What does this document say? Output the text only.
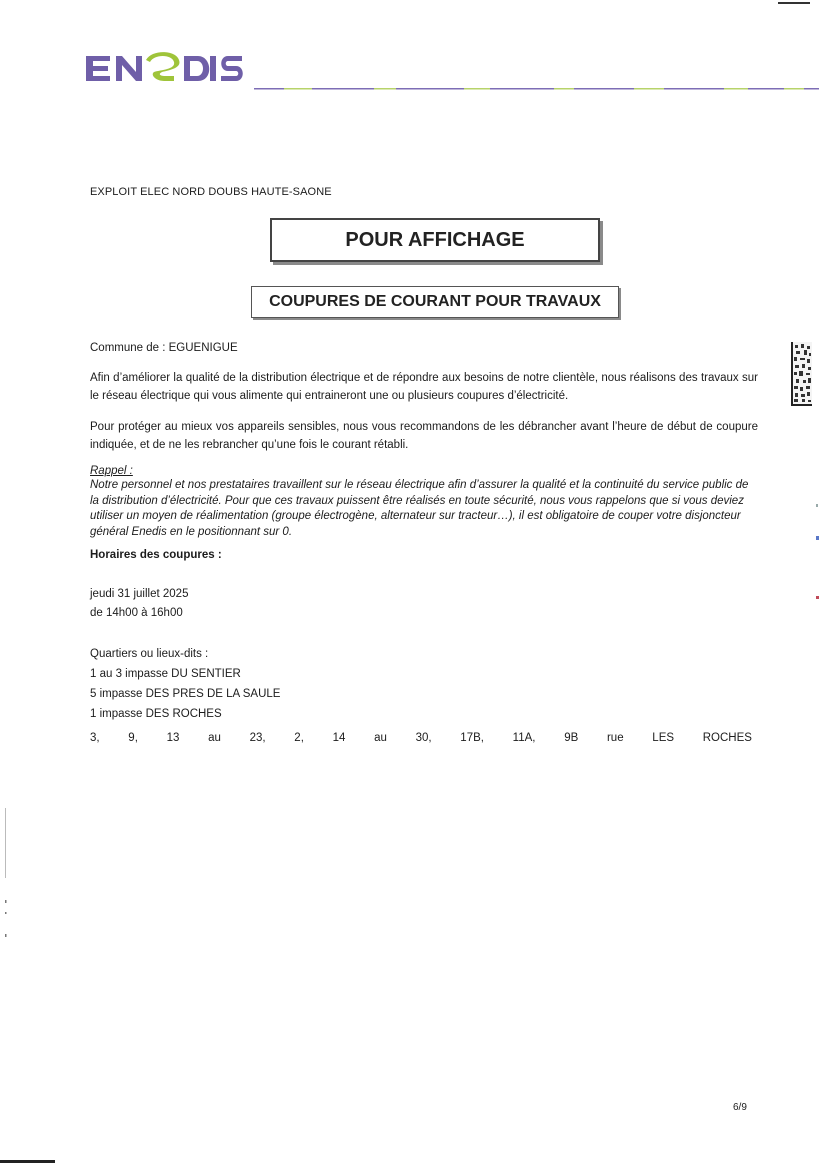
EXPLOIT ELEC NORD DOUBS HAUTE-SAONE
POUR AFFICHAGE
COUPURES DE COURANT POUR TRAVAUX
Commune de : EGUENIGUE
Afin d’améliorer la qualité de la distribution électrique et de répondre aux besoins de notre clientèle, nous réalisons des travaux sur le réseau électrique qui vous alimente qui entraineront une ou plusieurs coupures d’électricité.
Pour protéger au mieux vos appareils sensibles, nous vous recommandons de les débrancher avant l’heure de début de coupure indiquée, et de ne les rebrancher qu’une fois le courant rétabli.
Rappel :
Notre personnel et nos prestataires travaillent sur le réseau électrique afin d’assurer la qualité et la continuité du service public de la distribution d’électricité. Pour que ces travaux puissent être réalisés en toute sécurité, nous vous rappelons que si vous deviez utiliser un moyen de réalimentation (groupe électrogène, alternateur sur tracteur…), il est obligatoire de couper votre disjoncteur général Enedis en le positionnant sur 0.
Horaires des coupures :
jeudi 31 juillet 2025
de 14h00 à 16h00
Quartiers ou lieux-dits :
1 au 3 impasse DU SENTIER
5 impasse DES PRES DE LA SAULE
1 impasse DES ROCHES
3, 9, 13 au 23, 2, 14 au 30, 17B, 11A, 9B rue LES ROCHES
6/9
